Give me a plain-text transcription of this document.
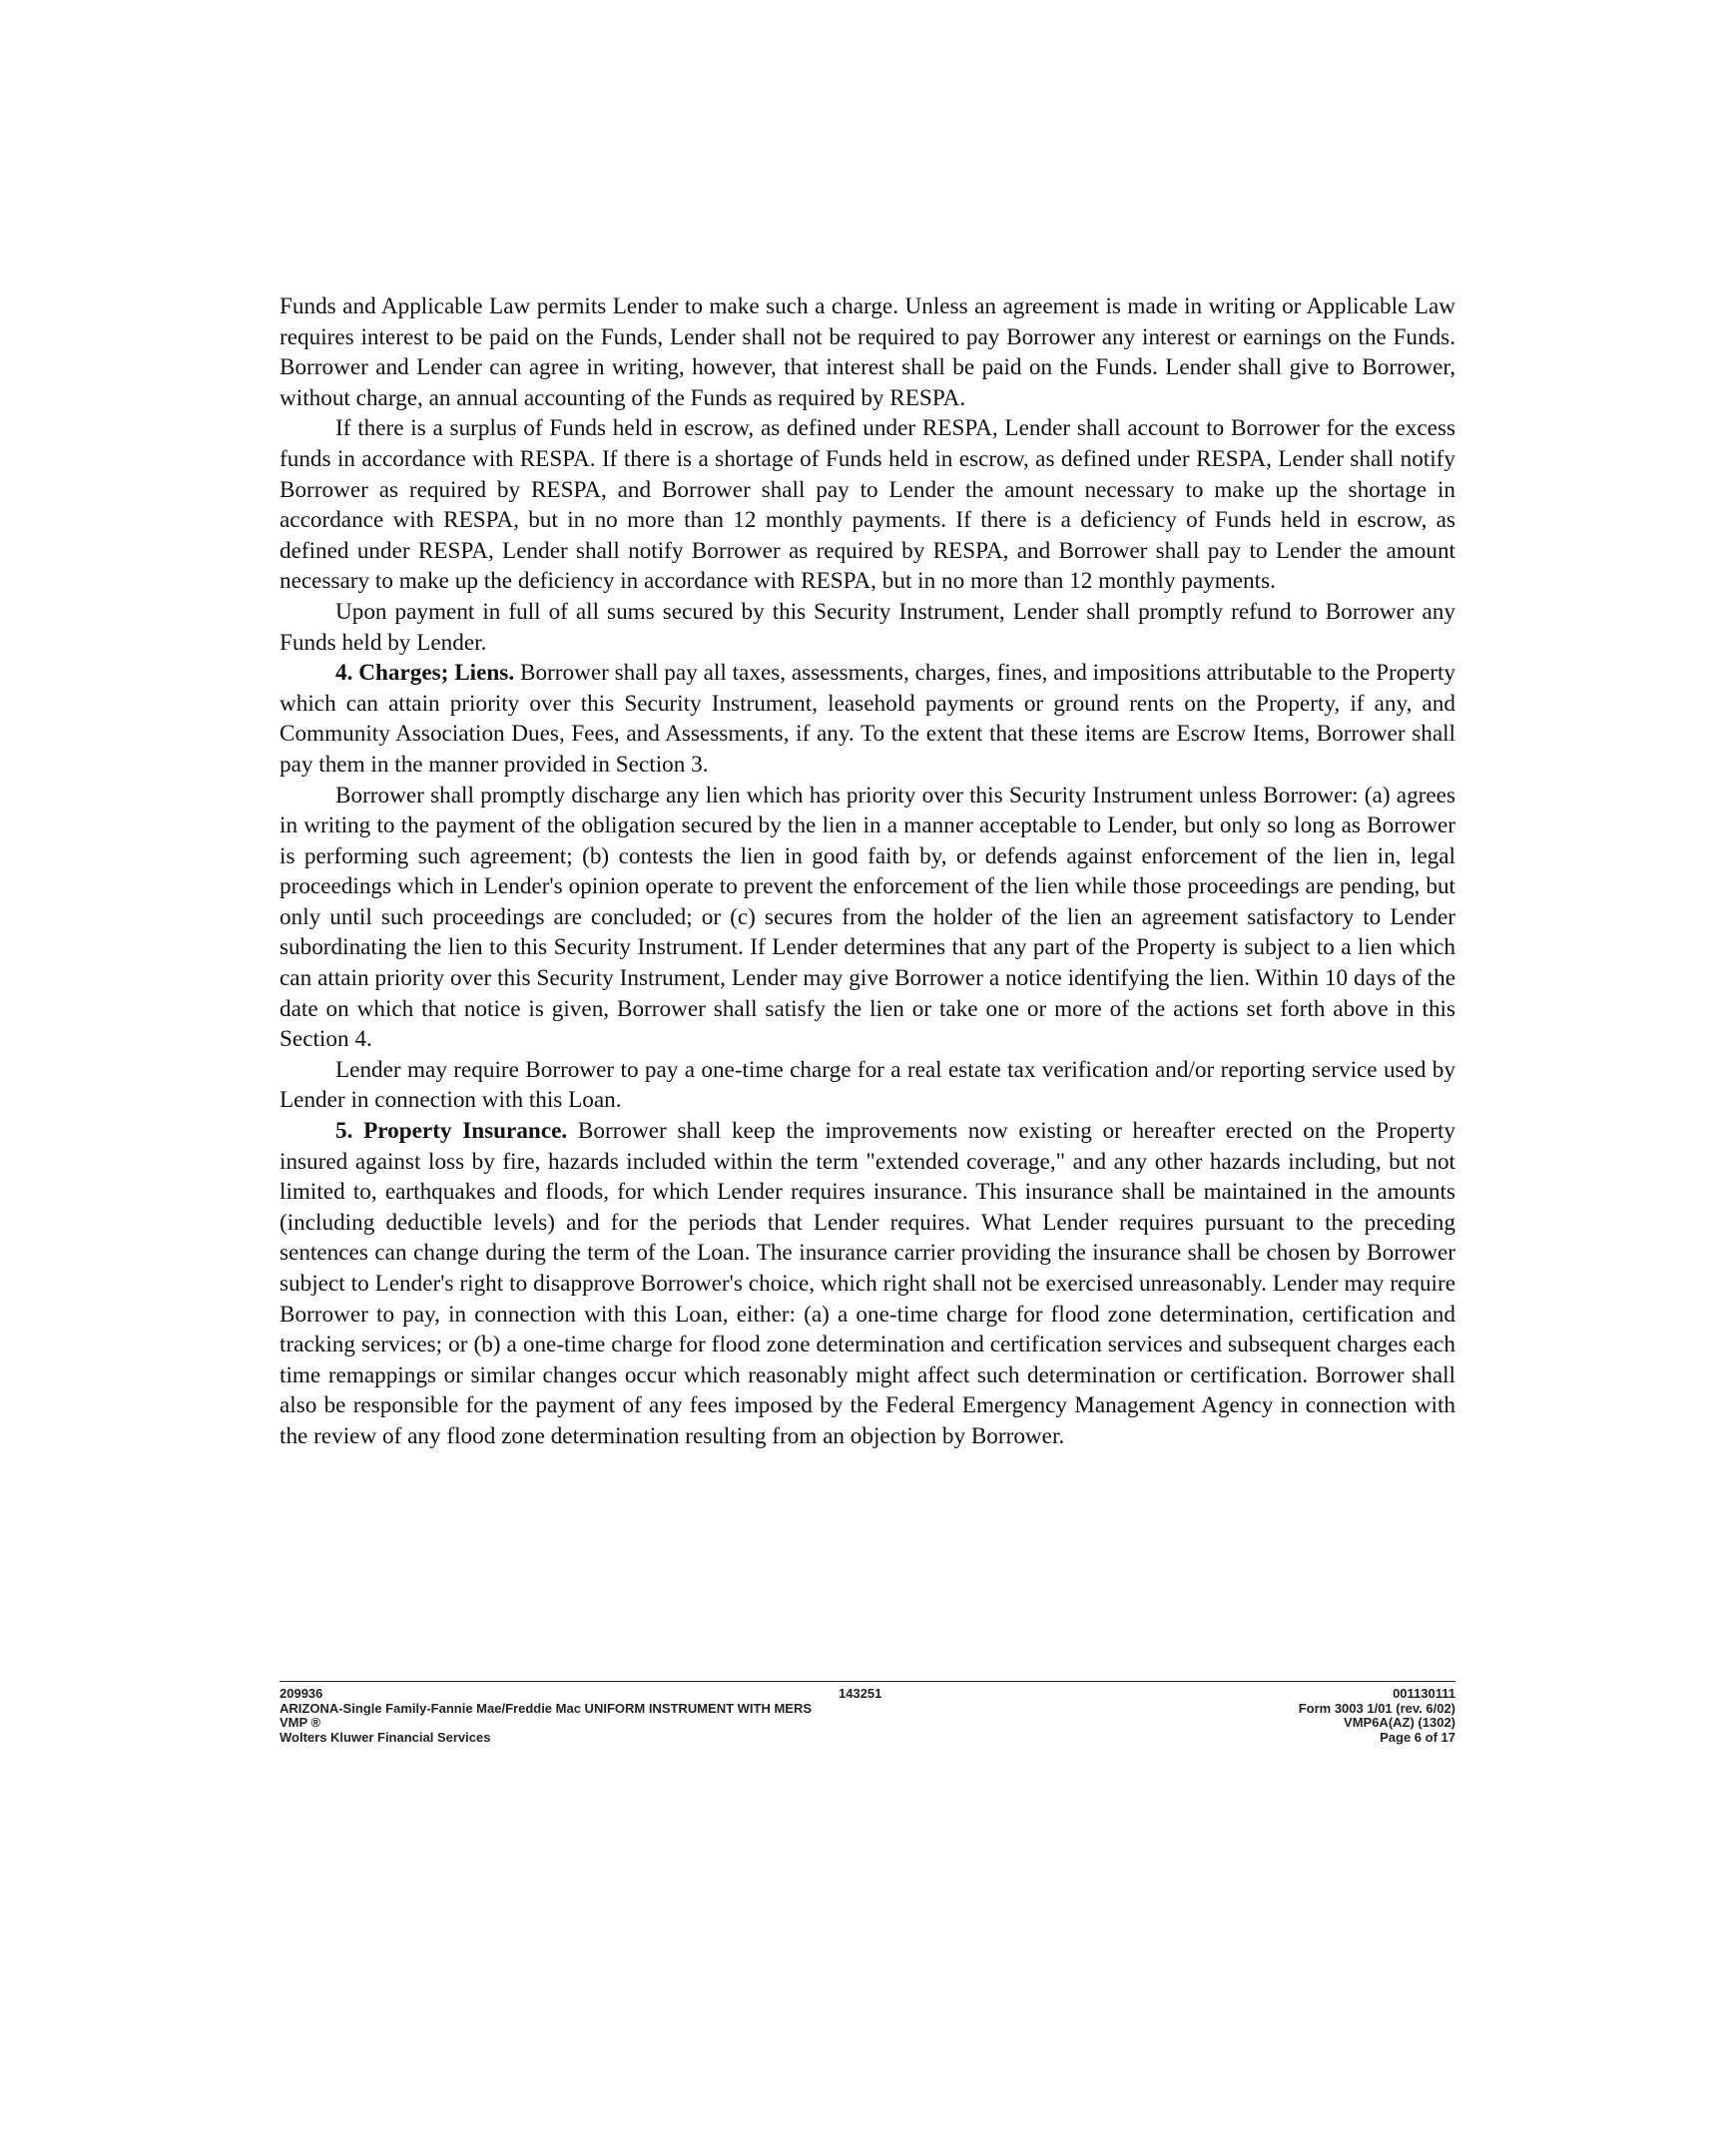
Funds and Applicable Law permits Lender to make such a charge. Unless an agreement is made in writing or Applicable Law requires interest to be paid on the Funds, Lender shall not be required to pay Borrower any interest or earnings on the Funds. Borrower and Lender can agree in writing, however, that interest shall be paid on the Funds. Lender shall give to Borrower, without charge, an annual accounting of the Funds as required by RESPA.

If there is a surplus of Funds held in escrow, as defined under RESPA, Lender shall account to Borrower for the excess funds in accordance with RESPA. If there is a shortage of Funds held in escrow, as defined under RESPA, Lender shall notify Borrower as required by RESPA, and Borrower shall pay to Lender the amount necessary to make up the shortage in accordance with RESPA, but in no more than 12 monthly payments. If there is a deficiency of Funds held in escrow, as defined under RESPA, Lender shall notify Borrower as required by RESPA, and Borrower shall pay to Lender the amount necessary to make up the deficiency in accordance with RESPA, but in no more than 12 monthly payments.

Upon payment in full of all sums secured by this Security Instrument, Lender shall promptly refund to Borrower any Funds held by Lender.

4. Charges; Liens. Borrower shall pay all taxes, assessments, charges, fines, and impositions attributable to the Property which can attain priority over this Security Instrument, leasehold payments or ground rents on the Property, if any, and Community Association Dues, Fees, and Assessments, if any. To the extent that these items are Escrow Items, Borrower shall pay them in the manner provided in Section 3.

Borrower shall promptly discharge any lien which has priority over this Security Instrument unless Borrower: (a) agrees in writing to the payment of the obligation secured by the lien in a manner acceptable to Lender, but only so long as Borrower is performing such agreement; (b) contests the lien in good faith by, or defends against enforcement of the lien in, legal proceedings which in Lender's opinion operate to prevent the enforcement of the lien while those proceedings are pending, but only until such proceedings are concluded; or (c) secures from the holder of the lien an agreement satisfactory to Lender subordinating the lien to this Security Instrument. If Lender determines that any part of the Property is subject to a lien which can attain priority over this Security Instrument, Lender may give Borrower a notice identifying the lien. Within 10 days of the date on which that notice is given, Borrower shall satisfy the lien or take one or more of the actions set forth above in this Section 4.

Lender may require Borrower to pay a one-time charge for a real estate tax verification and/or reporting service used by Lender in connection with this Loan.

5. Property Insurance. Borrower shall keep the improvements now existing or hereafter erected on the Property insured against loss by fire, hazards included within the term "extended coverage," and any other hazards including, but not limited to, earthquakes and floods, for which Lender requires insurance. This insurance shall be maintained in the amounts (including deductible levels) and for the periods that Lender requires. What Lender requires pursuant to the preceding sentences can change during the term of the Loan. The insurance carrier providing the insurance shall be chosen by Borrower subject to Lender's right to disapprove Borrower's choice, which right shall not be exercised unreasonably. Lender may require Borrower to pay, in connection with this Loan, either: (a) a one-time charge for flood zone determination, certification and tracking services; or (b) a one-time charge for flood zone determination and certification services and subsequent charges each time remappings or similar changes occur which reasonably might affect such determination or certification. Borrower shall also be responsible for the payment of any fees imposed by the Federal Emergency Management Agency in connection with the review of any flood zone determination resulting from an objection by Borrower.

209936
ARIZONA-Single Family-Fannie Mae/Freddie Mac UNIFORM INSTRUMENT WITH MERS
VMP ®
Wolters Kluwer Financial Services
143251	001130111
Form 3003 1/01 (rev. 6/02)
VMP6A(AZ) (1302)
Page 6 of 17
